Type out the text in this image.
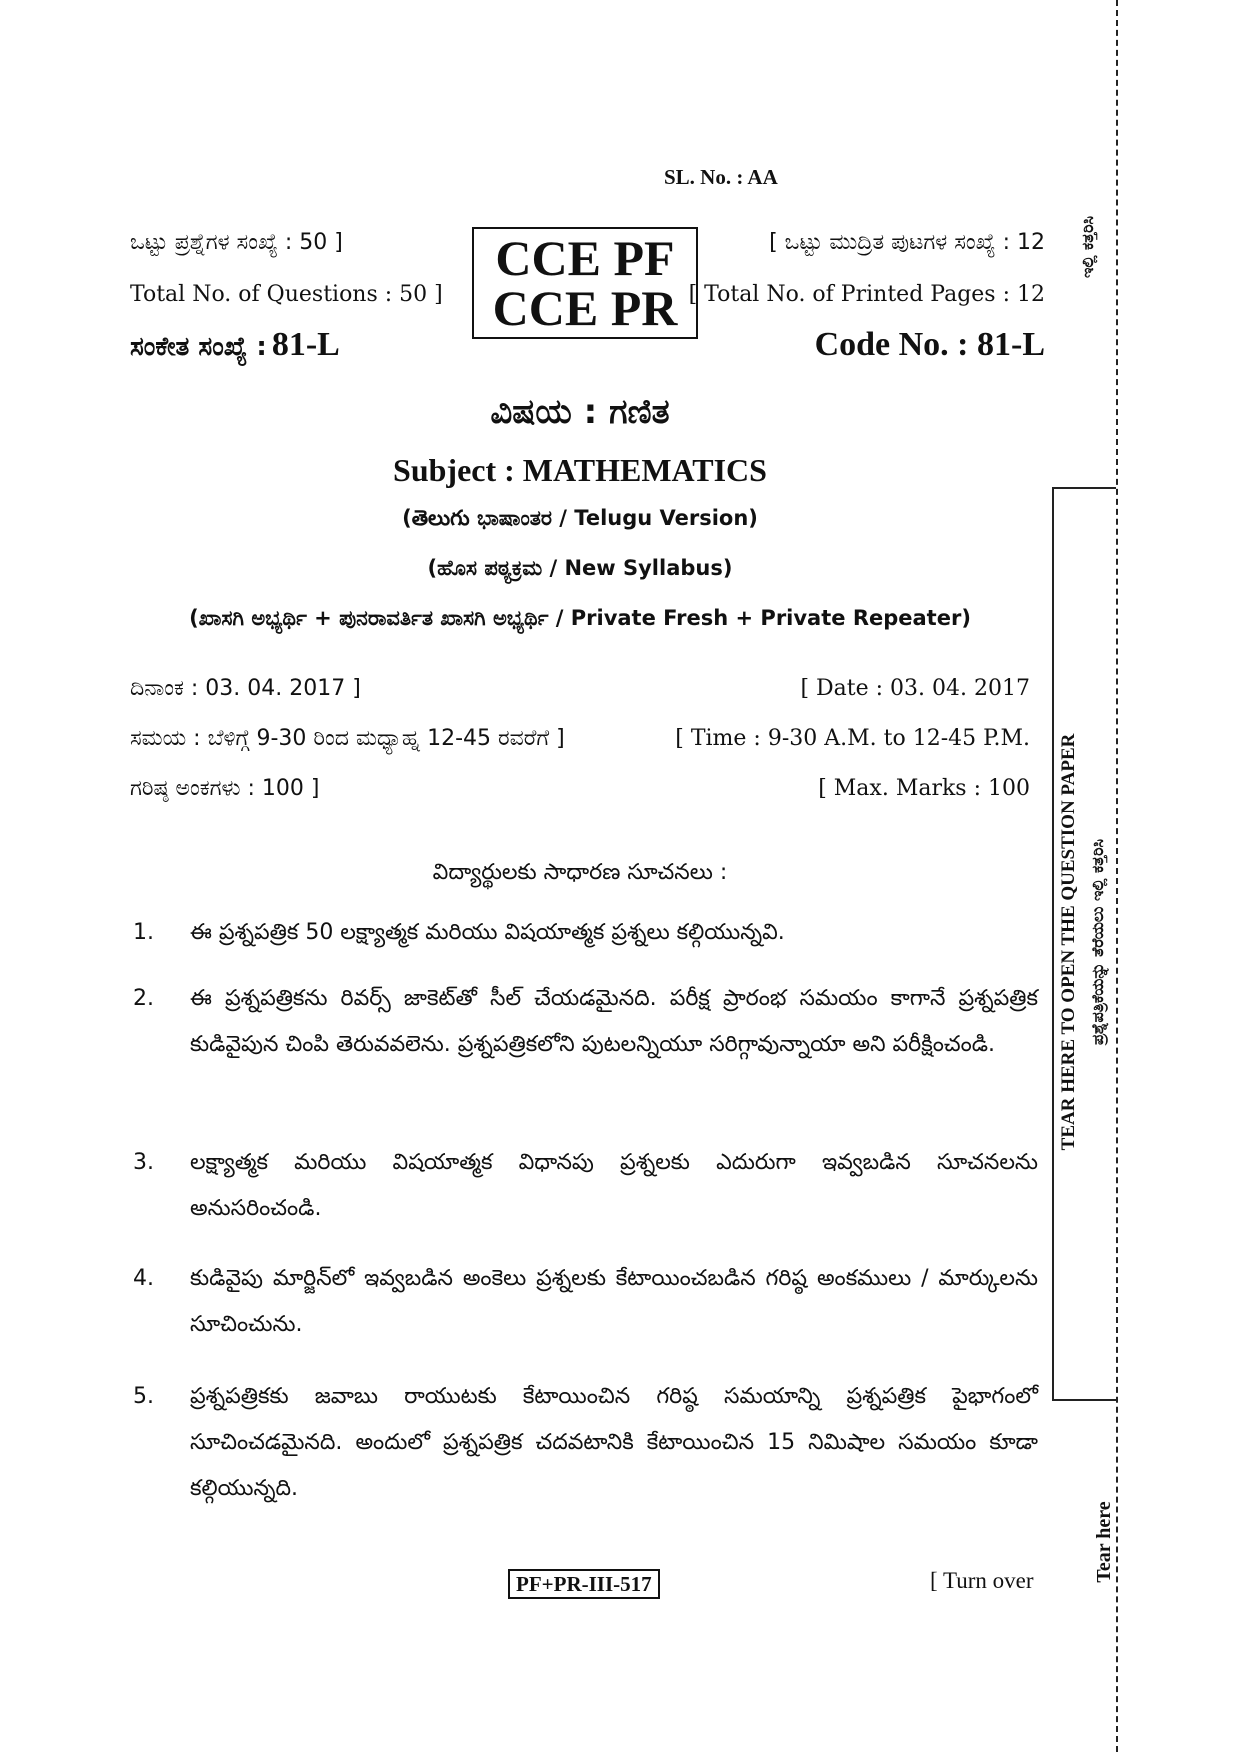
SL. No. : AA
ಒಟ್ಟು ಪ್ರಶ್ನೆಗಳ ಸಂಖ್ಯೆ : 50 ]
Total No. of Questions : 50 ]
ಸಂಕೇತ ಸಂಖ್ಯೆ : 81-L
CCE PF
CCE PR
[ ಒಟ್ಟು ಮುದ್ರಿತ ಪುಟಗಳ ಸಂಖ್ಯೆ : 12
[ Total No. of Printed Pages : 12
Code No. : 81-L
ವಿಷಯ : ಗಣಿತ
Subject : MATHEMATICS
(తెలుగు ಭಾಷಾಂತರ / Telugu Version)
(ಹೊಸ ಪಠ್ಯಕ್ರಮ / New Syllabus)
(ಖಾಸಗಿ ಅಭ್ಯರ್ಥಿ + ಪುನರಾವರ್ತಿತ ಖಾಸಗಿ ಅಭ್ಯರ್ಥಿ / Private Fresh + Private Repeater)
ದಿನಾಂಕ : 03. 04. 2017 ]	[ Date : 03. 04. 2017
ಸಮಯ : ಬೆಳಿಗ್ಗೆ 9-30 ರಿಂದ ಮಧ್ಯಾಹ್ನ 12-45 ರವರೆಗೆ ]	[ Time : 9-30 A.M. to 12-45 P.M.
ಗರಿಷ್ಠ ಅಂಕಗಳು : 100 ]	[ Max. Marks : 100
విద్యార్థులకు సాధారణ సూచనలు :
1.	ఈ ప్రశ్నపత్రిక 50 లక్ష్యాత్మక మరియు విషయాత్మక ప్రశ్నలు కల్గియున్నవి.
2.	ఈ ప్రశ్నపత్రికను రివర్స్ జాకెట్‌తో సీల్ చేయడమైనది. పరీక్ష ప్రారంభ సమయం కాగానే ప్రశ్నపత్రిక కుడివైపున చింపి తెరువవలెను. ప్రశ్నపత్రికలోని పుటలన్నియూ సరిగ్గావున్నాయా అని పరీక్షించండి.
3.	లక్ష్యాత్మక మరియు విషయాత్మక విధానపు ప్రశ్నలకు ఎదురుగా ఇవ్వబడిన సూచనలను అనుసరించండి.
4.	కుడివైపు మార్జిన్‌లో ఇవ్వబడిన అంకెలు ప్రశ్నలకు కేటాయించబడిన గరిష్ఠ అంకములు / మార్కులను సూచించును.
5.	ప్రశ్నపత్రికకు జవాబు రాయుటకు కేటాయించిన గరిష్ఠ సమయాన్ని ప్రశ్నపత్రిక పైభాగంలో సూచించడమైనది. అందులో ప్రశ్నపత్రిక చదవటానికి కేటాయించిన 15 నిమిషాల సమయం కూడా కల్గియున్నది.
PF+PR-III-517	[ Turn over
ಇಲ್ಲಿ ಕತ್ತರಿಸಿ
TEAR HERE TO OPEN THE QUESTION PAPER ಪ್ರಶ್ನೆಪತ್ರಿಕೆಯನ್ನು ತೆರೆಯಲು ಇಲ್ಲಿ ಕತ್ತರಿಸಿ
Tear here
